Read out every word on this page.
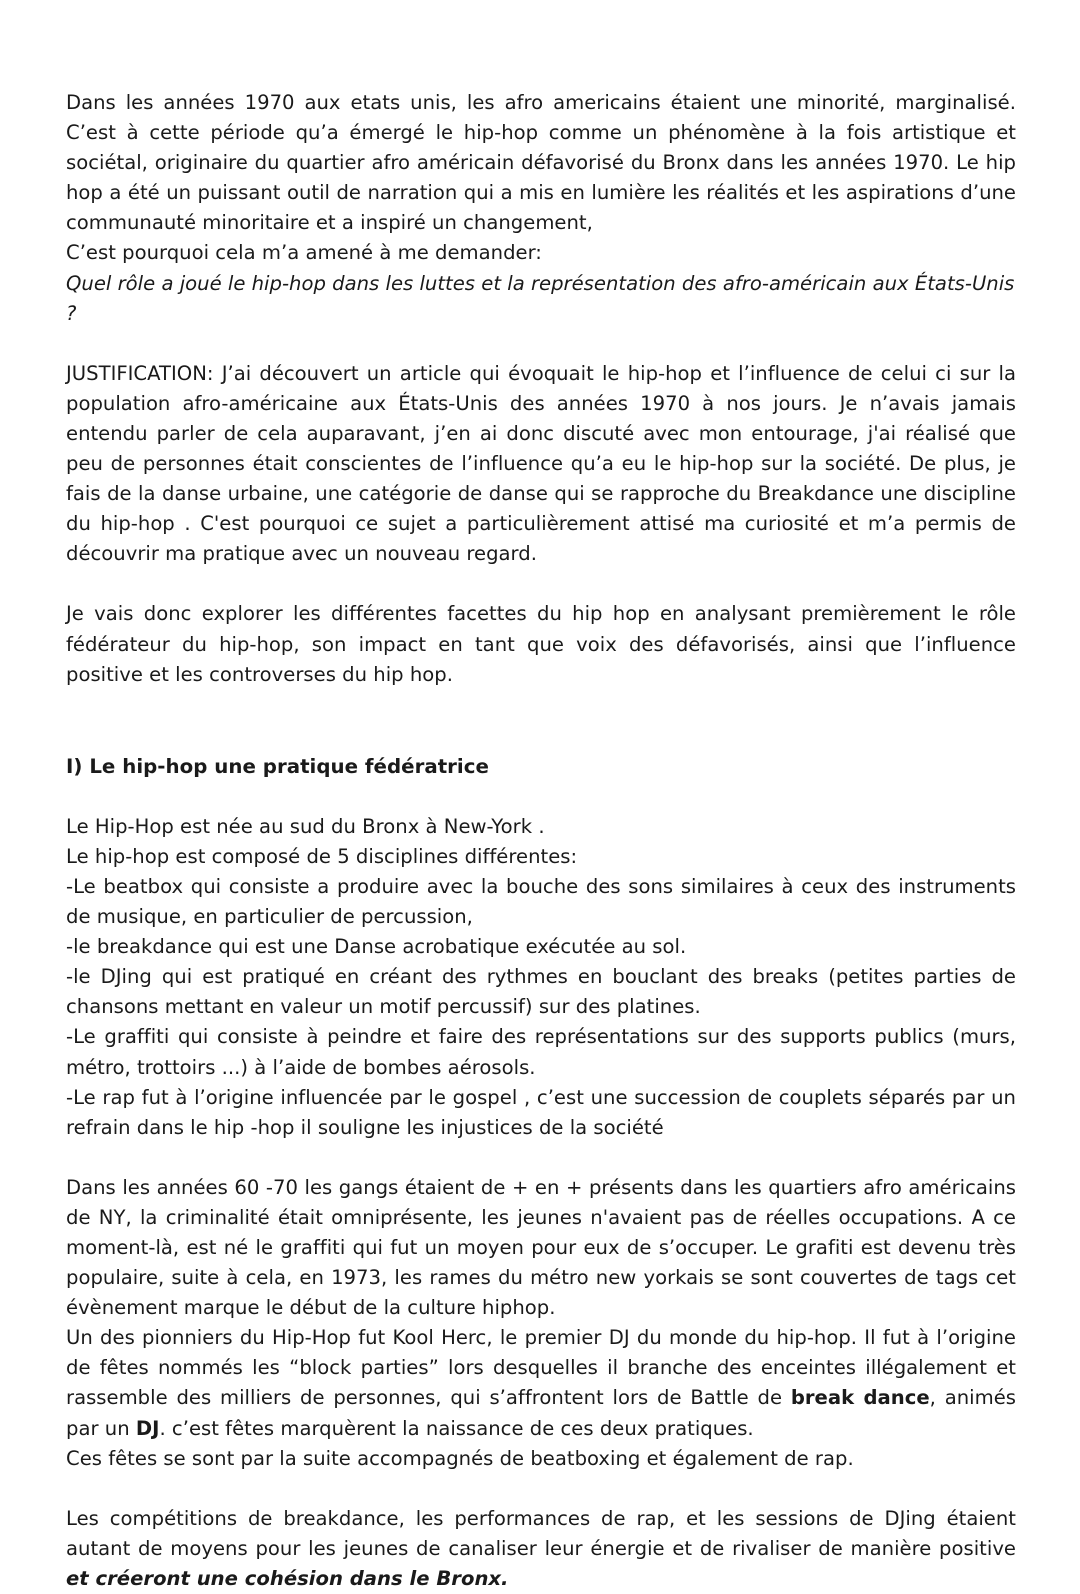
Dans les années 1970 aux etats unis, les afro americains étaient une minorité, marginalisé. C’est à cette période qu’a émergé le hip-hop comme un phénomène à la fois artistique et sociétal, originaire du quartier afro américain défavorisé du Bronx dans les années 1970. Le hip hop a été un puissant outil de narration qui a mis en lumière les réalités et les aspirations d’une communauté minoritaire et a inspiré un changement,

C’est pourquoi cela m’a amené à me demander:

Quel rôle a joué le hip-hop dans les luttes et la représentation des afro-américain aux États-Unis ?

JUSTIFICATION: J’ai découvert un article qui évoquait le hip-hop et l’influence de celui ci sur la population afro-américaine aux États-Unis des années 1970 à nos jours. Je n’avais jamais entendu parler de cela auparavant, j’en ai donc discuté avec mon entourage, j'ai réalisé que peu de personnes était conscientes de l’influence qu’a eu le hip-hop sur la société. De plus, je fais de la danse urbaine, une catégorie de danse qui se rapproche du Breakdance une discipline du hip-hop . C'est pourquoi ce sujet a particulièrement attisé ma curiosité et m’a permis de découvrir ma pratique avec un nouveau regard.

Je vais donc explorer les différentes facettes du hip hop en analysant premièrement le rôle fédérateur du hip-hop, son impact en tant que voix des défavorisés, ainsi que l’influence positive et les controverses du hip hop.

I) Le hip-hop une pratique fédératrice

Le Hip-Hop est née au sud du Bronx à New-York .

Le hip-hop est composé de 5 disciplines différentes:

-Le beatbox qui consiste a produire avec la bouche des sons similaires à ceux des instruments de musique, en particulier de percussion,

-le breakdance qui est une Danse acrobatique exécutée au sol.

-le DJing qui est pratiqué en créant des rythmes en bouclant des breaks (petites parties de chansons mettant en valeur un motif percussif) sur des platines.

-Le graffiti qui consiste à peindre et faire des représentations sur des supports publics (murs, métro, trottoirs ...) à l’aide de bombes aérosols.

-Le rap fut à l’origine influencée par le gospel , c’est une succession de couplets séparés par un refrain dans le hip -hop il souligne les injustices de la société

Dans les années 60 -70 les gangs étaient de + en + présents dans les quartiers afro américains de NY, la criminalité était omniprésente, les jeunes n'avaient pas de réelles occupations. A ce moment-là, est né le graffiti qui fut un moyen pour eux de s’occuper. Le grafiti est devenu très populaire, suite à cela, en 1973, les rames du métro new yorkais se sont couvertes de tags cet évènement marque le début de la culture hiphop.

Un des pionniers du Hip-Hop fut Kool Herc, le premier DJ du monde du hip-hop. Il fut à l’origine de fêtes nommés les “block parties” lors desquelles il branche des enceintes illégalement et rassemble des milliers de personnes, qui s’affrontent lors de Battle de break dance, animés par un DJ. c’est fêtes marquèrent la naissance de ces deux pratiques.

Ces fêtes se sont par la suite accompagnés de beatboxing et également de rap.

Les compétitions de breakdance, les performances de rap, et les sessions de DJing étaient autant de moyens pour les jeunes de canaliser leur énergie et de rivaliser de manière positive et créeront une cohésion dans le Bronx.
